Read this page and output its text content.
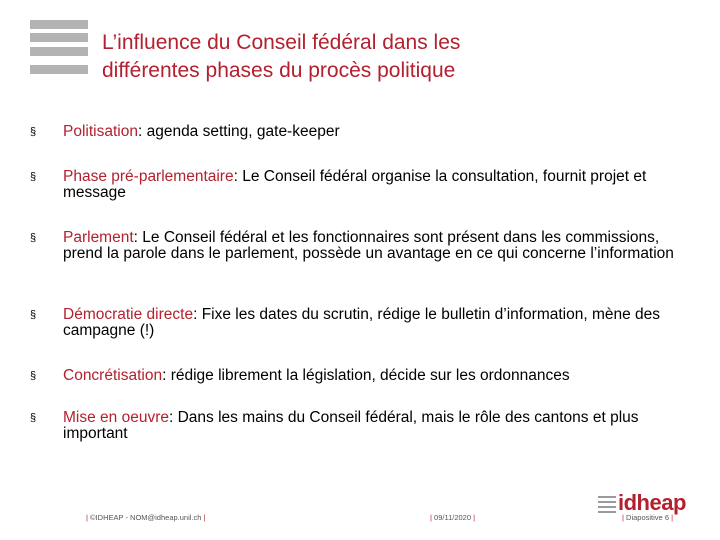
L’influence du Conseil fédéral dans les
différentes phases du procès politique
§ Politisation: agenda setting, gate-keeper
§ Phase pré-parlementaire: Le Conseil fédéral organise la consultation, fournit projet et message
§ Parlement: Le Conseil fédéral et les fonctionnaires sont présent dans les commissions, prend la parole dans le parlement, possède un avantage en ce qui concerne l’information
§ Démocratie directe: Fixe les dates du scrutin, rédige le bulletin d’information, mène des campagne (!)
§ Concrétisation: rédige librement la législation, décide sur les ordonnances
§ Mise en oeuvre: Dans les mains du Conseil fédéral, mais le rôle des cantons et plus important
| ©IDHEAP - NOM@idheap.unil.ch |	| 09/11/2020 |	| Diapositive 6 |
idheap
